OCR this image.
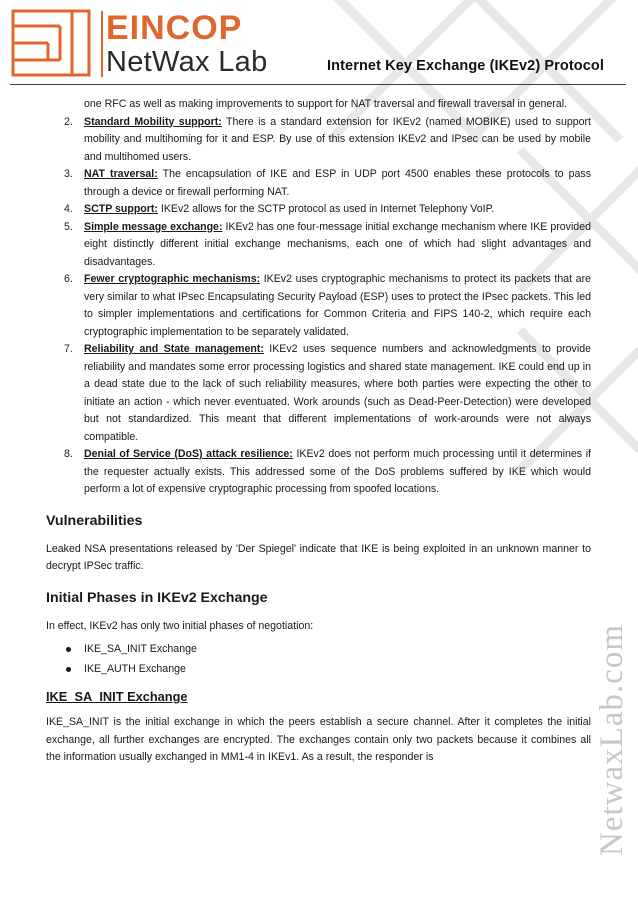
NetwaxLab.com
EINCOP
NetWax Lab	Internet Key Exchange (IKEv2) Protocol
one RFC as well as making improvements to support for NAT traversal and firewall traversal in general.
2. Standard Mobility support: There is a standard extension for IKEv2 (named MOBIKE) used to support mobility and multihoming for it and ESP. By use of this extension IKEv2 and IPsec can be used by mobile and multihomed users.
3. NAT traversal: The encapsulation of IKE and ESP in UDP port 4500 enables these protocols to pass through a device or firewall performing NAT.
4. SCTP support: IKEv2 allows for the SCTP protocol as used in Internet Telephony VoIP.
5. Simple message exchange: IKEv2 has one four-message initial exchange mechanism where IKE provided eight distinctly different initial exchange mechanisms, each one of which had slight advantages and disadvantages.
6. Fewer cryptographic mechanisms: IKEv2 uses cryptographic mechanisms to protect its packets that are very similar to what IPsec Encapsulating Security Payload (ESP) uses to protect the IPsec packets. This led to simpler implementations and certifications for Common Criteria and FIPS 140-2, which require each cryptographic implementation to be separately validated.
7. Reliability and State management: IKEv2 uses sequence numbers and acknowledgments to provide reliability and mandates some error processing logistics and shared state management. IKE could end up in a dead state due to the lack of such reliability measures, where both parties were expecting the other to initiate an action - which never eventuated. Work arounds (such as Dead-Peer-Detection) were developed but not standardized. This meant that different implementations of work-arounds were not always compatible.
8. Denial of Service (DoS) attack resilience: IKEv2 does not perform much processing until it determines if the requester actually exists. This addressed some of the DoS problems suffered by IKE which would perform a lot of expensive cryptographic processing from spoofed locations.
Vulnerabilities

Leaked NSA presentations released by 'Der Spiegel' indicate that IKE is being exploited in an unknown manner to decrypt IPSec traffic.

Initial Phases in IKEv2 Exchange

In effect, IKEv2 has only two initial phases of negotiation:

IKE_SA_INIT Exchange
IKE_AUTH Exchange
IKE_SA_INIT Exchange

IKE_SA_INIT is the initial exchange in which the peers establish a secure channel. After it completes the initial exchange, all further exchanges are encrypted. The exchanges contain only two packets because it combines all the information usually exchanged in MM1-4 in IKEv1. As a result, the responder is
